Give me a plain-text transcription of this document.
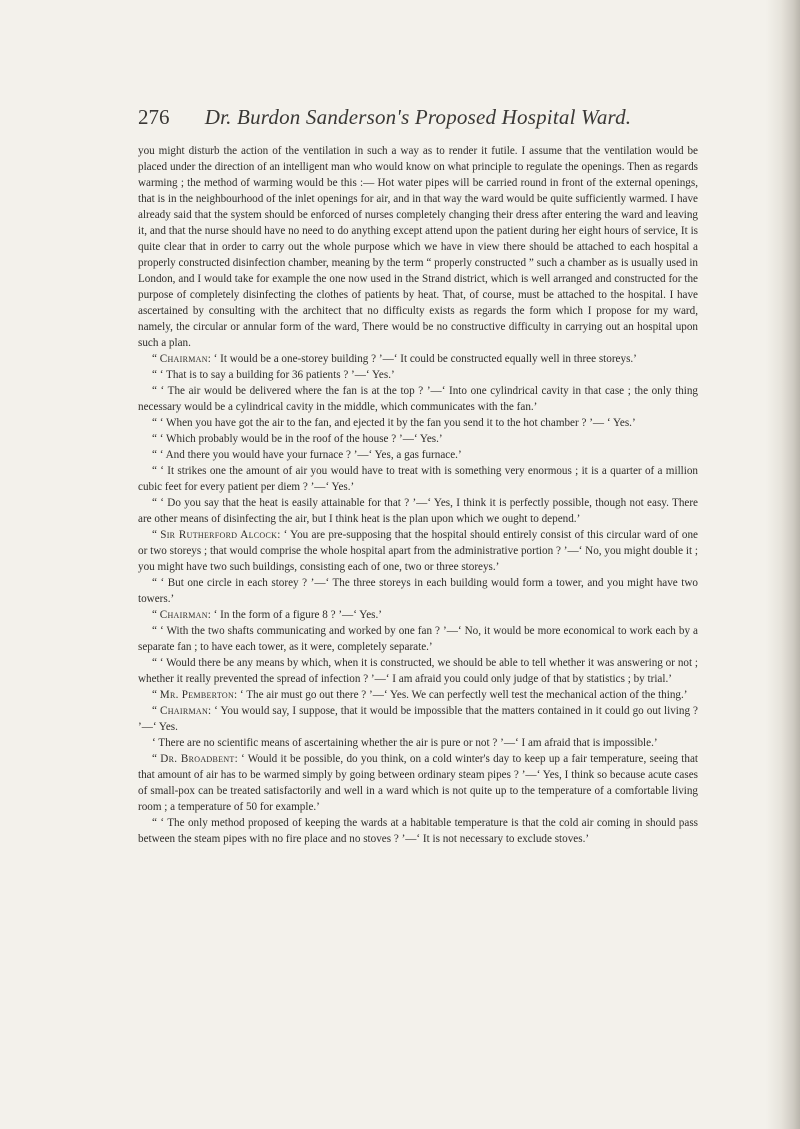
276	Dr. Burdon Sanderson's Proposed Hospital Ward.

you might disturb the action of the ventilation in such a way as to render it futile. I assume that the ventilation would be placed under the direction of an intelligent man who would know on what principle to regulate the openings. Then as regards warming ; the method of warming would be this :— Hot water pipes will be carried round in front of the external openings, that is in the neighbourhood of the inlet openings for air, and in that way the ward would be quite sufficiently warmed. I have already said that the system should be enforced of nurses completely changing their dress after entering the ward and leaving it, and that the nurse should have no need to do anything except attend upon the patient during her eight hours of service, It is quite clear that in order to carry out the whole purpose which we have in view there should be attached to each hospital a properly constructed disinfection chamber, meaning by the term “ properly constructed ” such a chamber as is usually used in London, and I would take for example the one now used in the Strand district, which is well arranged and constructed for the purpose of completely disinfecting the clothes of patients by heat. That, of course, must be attached to the hospital. I have ascertained by consulting with the architect that no difficulty exists as regards the form which I propose for my ward, namely, the circular or annular form of the ward, There would be no constructive difficulty in carrying out an hospital upon such a plan.

“ Chairman: ‘ It would be a one-storey building ? ’—‘ It could be constructed equally well in three storeys.’

“ ‘ That is to say a building for 36 patients ? ’—‘ Yes.’

“ ‘ The air would be delivered where the fan is at the top ? ’—‘ Into one cylindrical cavity in that case ; the only thing necessary would be a cylindrical cavity in the middle, which communicates with the fan.’

“ ‘ When you have got the air to the fan, and ejected it by the fan you send it to the hot chamber ? ’— ‘ Yes.’

“ ‘ Which probably would be in the roof of the house ? ’—‘ Yes.’

“ ‘ And there you would have your furnace ? ’—‘ Yes, a gas furnace.’

“ ‘ It strikes one the amount of air you would have to treat with is something very enormous ; it is a quarter of a million cubic feet for every patient per diem ? ’—‘ Yes.’

“ ‘ Do you say that the heat is easily attainable for that ? ’—‘ Yes, I think it is perfectly possible, though not easy. There are other means of disinfecting the air, but I think heat is the plan upon which we ought to depend.’

“ Sir Rutherford Alcock: ‘ You are pre-supposing that the hospital should entirely consist of this circular ward of one or two storeys ; that would comprise the whole hospital apart from the administrative portion ? ’—‘ No, you might double it ; you might have two such buildings, consisting each of one, two or three storeys.’

“ ‘ But one circle in each storey ? ’—‘ The three storeys in each building would form a tower, and you might have two towers.’

“ Chairman: ‘ In the form of a figure 8 ? ’—‘ Yes.’

“ ‘ With the two shafts communicating and worked by one fan ? ’—‘ No, it would be more economical to work each by a separate fan ; to have each tower, as it were, completely separate.’

“ ‘ Would there be any means by which, when it is constructed, we should be able to tell whether it was answering or not ; whether it really prevented the spread of infection ? ’—‘ I am afraid you could only judge of that by statistics ; by trial.’

“ Mr. Pemberton: ‘ The air must go out there ? ’—‘ Yes. We can perfectly well test the mechanical action of the thing.’

“ Chairman: ‘ You would say, I suppose, that it would be impossible that the matters contained in it could go out living ? ’—‘ Yes.

‘ There are no scientific means of ascertaining whether the air is pure or not ? ’—‘ I am afraid that is impossible.’

“ Dr. Broadbent: ‘ Would it be possible, do you think, on a cold winter's day to keep up a fair temperature, seeing that that amount of air has to be warmed simply by going between ordinary steam pipes ? ’—‘ Yes, I think so because acute cases of small-pox can be treated satisfactorily and well in a ward which is not quite up to the temperature of a comfortable living room ; a temperature of 50 for example.’

“ ‘ The only method proposed of keeping the wards at a habitable temperature is that the cold air coming in should pass between the steam pipes with no fire place and no stoves ? ’—‘ It is not necessary to exclude stoves.’
